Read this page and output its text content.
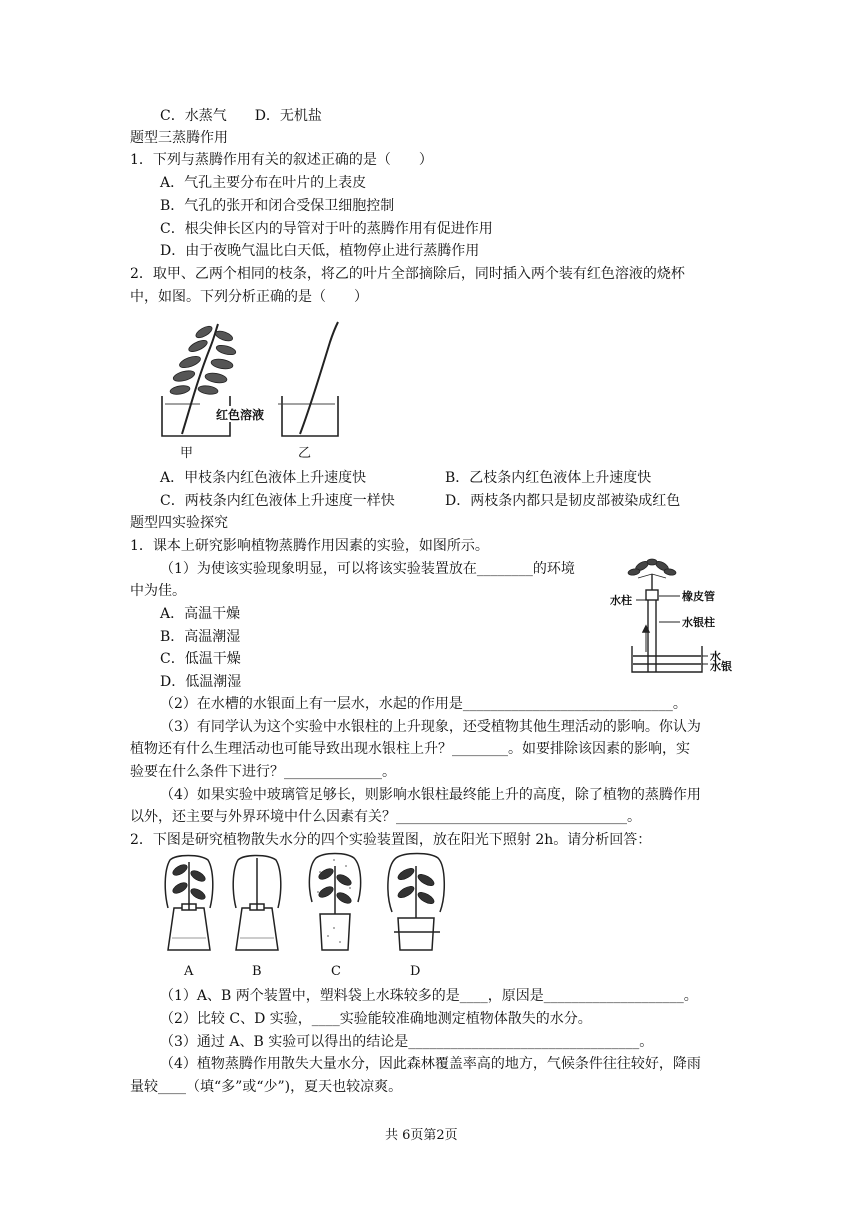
C．水蒸气　　D．无机盐
题型三蒸腾作用
1．下列与蒸腾作用有关的叙述正确的是（　　）
A．气孔主要分布在叶片的上表皮
B．气孔的张开和闭合受保卫细胞控制
C．根尖伸长区内的导管对于叶的蒸腾作用有促进作用
D．由于夜晚气温比白天低，植物停止进行蒸腾作用
2．取甲、乙两个相同的枝条，将乙的叶片全部摘除后，同时插入两个装有红色溶液的烧杯
中，如图。下列分析正确的是（　　）
红色溶液
甲	乙
A．甲枝条内红色液体上升速度快	B．乙枝条内红色液体上升速度快
C．两枝条内红色液体上升速度一样快	D．两枝条内都只是韧皮部被染成红色
题型四实验探究
1．课本上研究影响植物蒸腾作用因素的实验，如图所示。
（1）为使该实验现象明显，可以将该实验装置放在________的环境
中为佳。
A．高温干燥
B．高温潮湿
C．低温干燥
D．低温潮湿
水柱	橡皮管
水银柱
水
水银
（2）在水槽的水银面上有一层水，水起的作用是______________________________。
（3）有同学认为这个实验中水银柱的上升现象，还受植物其他生理活动的影响。你认为
植物还有什么生理活动也可能导致出现水银柱上升？________。如要排除该因素的影响，实
验要在什么条件下进行？______________。
（4）如果实验中玻璃管足够长，则影响水银柱最终能上升的高度，除了植物的蒸腾作用
以外，还主要与外界环境中什么因素有关？_________________________________。
2．下图是研究植物散失水分的四个实验装置图，放在阳光下照射 2h。请分析回答：
A	B	C	D
（1）A、B 两个装置中，塑料袋上水珠较多的是____，原因是____________________。
（2）比较 C、D 实验，____实验能较准确地测定植物体散失的水分。
（3）通过 A、B 实验可以得出的结论是_________________________________。
（4）植物蒸腾作用散失大量水分，因此森林覆盖率高的地方，气候条件往往较好，降雨
量较____（填“多”或“少”)，夏天也较凉爽。
共 6页第2页
